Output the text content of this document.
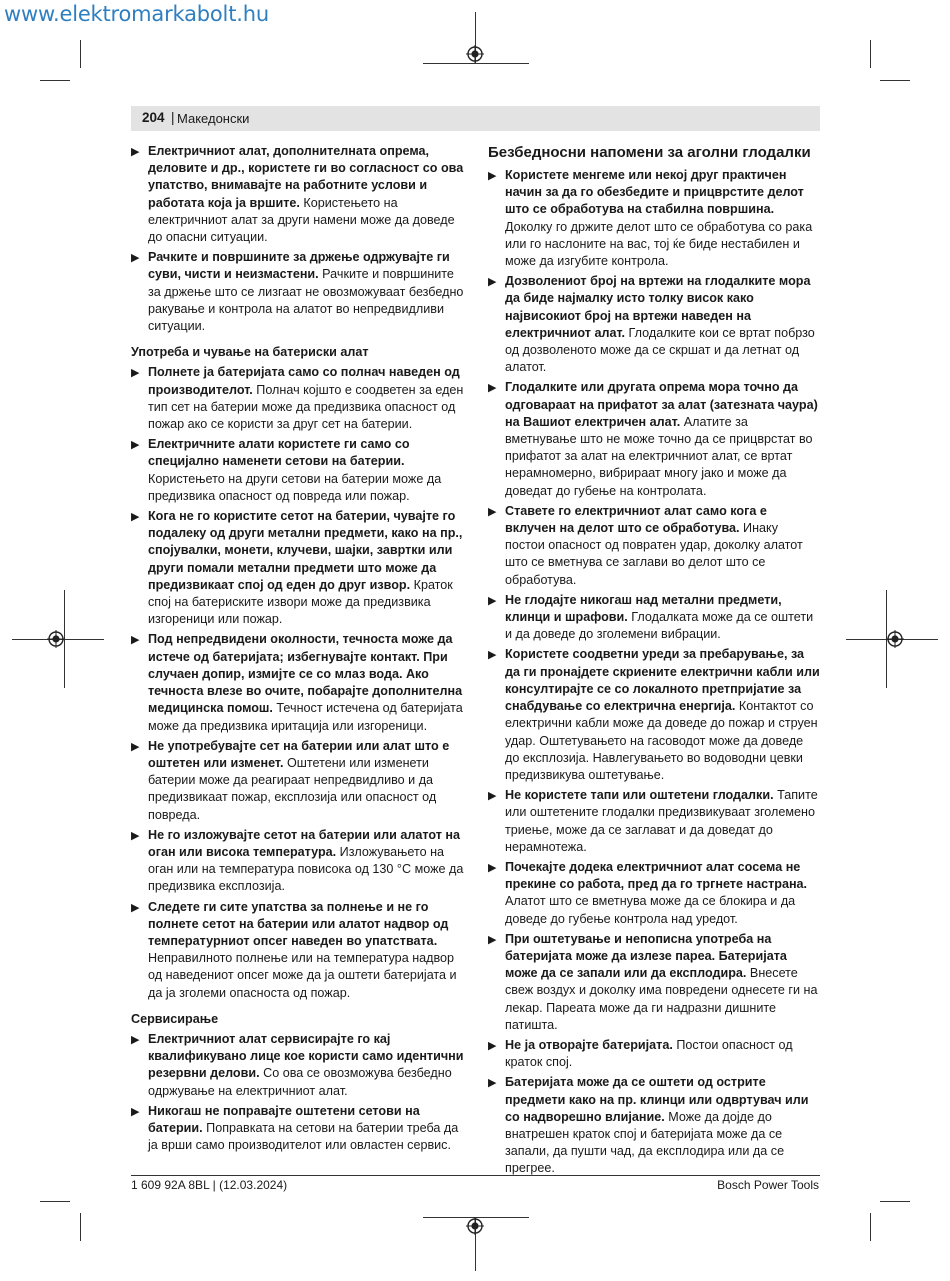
www.elektromarkabolt.hu
204 | Македонски
▶ Електричниот алат, дополнителната опрема, деловите и др., користете ги во согласност со ова упатство, внимавајте на работните услови и работата која ја вршите. Користењето на електричниот алат за други намени може да доведе до опасни ситуации.
▶ Рачките и површините за држење одржувајте ги суви, чисти и неизмастени. Рачките и површините за држење што се лизгаат не овозможуваат безбедно ракување и контрола на алатот во непредвидливи ситуации.
Употреба и чување на батериски алат
▶ Полнете ја батеријата само со полнач наведен од производителот. Полнач којшто е соодветен за еден тип сет на батерии може да предизвика опасност од пожар ако се користи за друг сет на батерии.
▶ Електричните алати користете ги само со специјално наменети сетови на батерии. Користењето на други сетови на батерии може да предизвика опасност од повреда или пожар.
▶ Кога не го користите сетот на батерии, чувајте го подалеку од други метални предмети, како на пр., спојувалки, монети, клучеви, шајки, завртки или други помали метални предмети што може да предизвикаат спој од еден до друг извор. Краток спој на батериските извори може да предизвика изгореници или пожар.
▶ Под непредвидени околности, течноста може да истече од батеријата; избегнувајте контакт. При случаен допир, измијте се со млаз вода. Ако течноста влезе во очите, побарајте дополнителна медицинска помош. Течност истечена од батеријата може да предизвика иритација или изгореници.
▶ Не употребувајте сет на батерии или алат што е оштетен или изменет. Оштетени или изменети батерии може да реагираат непредвидливо и да предизвикаат пожар, експлозија или опасност од повреда.
▶ Не го изложувајте сетот на батерии или алатот на оган или висока температура. Изложувањето на оган или на температура повисока од 130 °C може да предизвика експлозија.
▶ Следете ги сите упатства за полнење и не го полнете сетот на батерии или алатот надвор од температурниот опсег наведен во упатствата. Неправилното полнење или на температура надвор од наведениот опсег може да ја оштети батеријата и да ја зголеми опасноста од пожар.
Сервисирање
▶ Електричниот алат сервисирајте го кај квалификувано лице кое користи само идентични резервни делови. Со ова се овозможува безбедно одржување на електричниот алат.
▶ Никогаш не поправајте оштетени сетови на батерии. Поправката на сетови на батерии треба да ја врши само производителот или овластен сервис.
Безбедносни напомени за аголни глодалки
▶ Користете менгеме или некој друг практичен начин за да го обезбедите и прицврстите делот што се обработува на стабилна површина. Доколку го држите делот што се обработува со рака или го наслоните на вас, тој ќе биде нестабилен и може да изгубите контрола.
▶ Дозволениот број на вртежи на глодалките мора да биде најмалку исто толку висок како највисокиот број на вртежи наведен на електричниот алат. Глодалките кои се вртат побрзо од дозволеното може да се скршат и да летнат од алатот.
▶ Глодалките или другата опрема мора точно да одговараат на прифатот за алат (затезната чаура) на Вашиот електричен алат. Алатите за вметнување што не може точно да се прицврстат во прифатот за алат на електричниот алат, се вртат нерамномерно, вибрираат многу јако и може да доведат до губење на контролата.
▶ Ставете го електричниот алат само кога е вклучен на делот што се обработува. Инаку постои опасност од повратен удар, доколку алатот што се вметнува се заглави во делот што се обработува.
▶ Не глодајте никогаш над метални предмети, клинци и шрафови. Глодалката може да се оштети и да доведе до зголемени вибрации.
▶ Користете соодветни уреди за пребарување, за да ги пронајдете скриените електрични кабли или консултирајте се со локалното претпријатие за снабдување со електрична енергија. Контактот со електрични кабли може да доведе до пожар и струен удар. Оштетувањето на гасоводот може да доведе до експлозија. Навлегувањето во водоводни цевки предизвикува оштетување.
▶ Не користете тапи или оштетени глодалки. Тапите или оштетените глодалки предизвикуваат зголемено триење, може да се заглават и да доведат до нерамнотежа.
▶ Почекајте додека електричниот алат сосема не прекине со работа, пред да го тргнете настрана. Алатот што се вметнува може да се блокира и да доведе до губење контрола над уредот.
▶ При оштетување и непописна употреба на батеријата може да излезе пареа. Батеријата може да се запали или да експлодира. Внесете свеж воздух и доколку има повредени однесете ги на лекар. Пареата може да ги надразни дишните патишта.
▶ Не ја отворајте батеријата. Постои опасност од краток спој.
▶ Батеријата може да се оштети од острите предмети како на пр. клинци или одвртувач или со надворешно влијание. Може да дојде до внатрешен краток спој и батеријата може да се запали, да пушти чад, да експлодира или да се прегрее.
1 609 92A 8BL | (12.03.2024)	Bosch Power Tools
